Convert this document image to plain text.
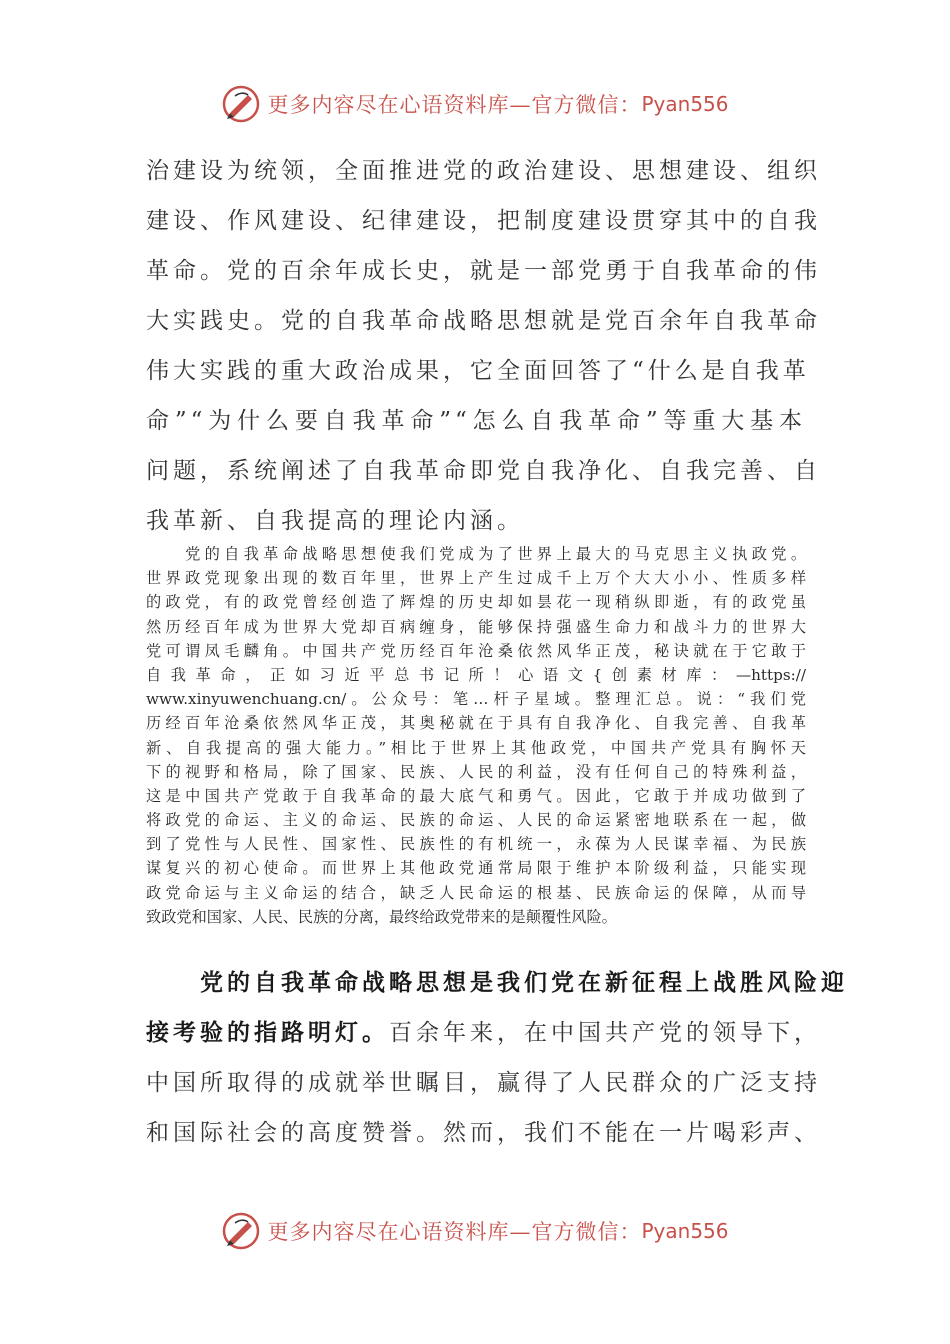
更多内容尽在心语资料库—官方微信： Pyan556
治建设为统领，全面推进党的政治建设、思想建设、组织
建设、作风建设、纪律建设，把制度建设贯穿其中的自我
革命。党的百余年成长史，就是一部党勇于自我革命的伟
大实践史。党的自我革命战略思想就是党百余年自我革命
伟大实践的重大政治成果，它全面回答了“什么是自我革
命”“为什么要自我革命”“怎么自我革命”等重大基本
问题，系统阐述了自我革命即党自我净化、自我完善、自
我革新、自我提高的理论内涵。
　　党的自我革命战略思想使我们党成为了世界上最大的马克思主义执政党。
世界政党现象出现的数百年里，世界上产生过成千上万个大大小小、性质多样
的政党，有的政党曾经创造了辉煌的历史却如昙花一现稍纵即逝，有的政党虽
然历经百年成为世界大党却百病缠身，能够保持强盛生命力和战斗力的世界大
党可谓凤毛麟角。中国共产党历经百年沧桑依然风华正茂，秘诀就在于它敢于
自我革命，正如习近平总书记所！心语文{创素材库：—https://
www.xinyuwenchuang.cn/。公众号：笔…杆子星域。整理汇总。说：“我们党
历经百年沧桑依然风华正茂，其奥秘就在于具有自我净化、自我完善、自我革
新、自我提高的强大能力。”相比于世界上其他政党，中国共产党具有胸怀天
下的视野和格局，除了国家、民族、人民的利益，没有任何自己的特殊利益，
这是中国共产党敢于自我革命的最大底气和勇气。因此，它敢于并成功做到了
将政党的命运、主义的命运、民族的命运、人民的命运紧密地联系在一起，做
到了党性与人民性、国家性、民族性的有机统一，永葆为人民谋幸福、为民族
谋复兴的初心使命。而世界上其他政党通常局限于维护本阶级利益，只能实现
政党命运与主义命运的结合，缺乏人民命运的根基、民族命运的保障，从而导
致政党和国家、人民、民族的分离，最终给政党带来的是颠覆性风险。
　　党的自我革命战略思想是我们党在新征程上战胜风险迎
接考验的指路明灯。百余年来，在中国共产党的领导下，
中国所取得的成就举世瞩目，赢得了人民群众的广泛支持
和国际社会的高度赞誉。然而，我们不能在一片喝彩声、
更多内容尽在心语资料库—官方微信： Pyan556
